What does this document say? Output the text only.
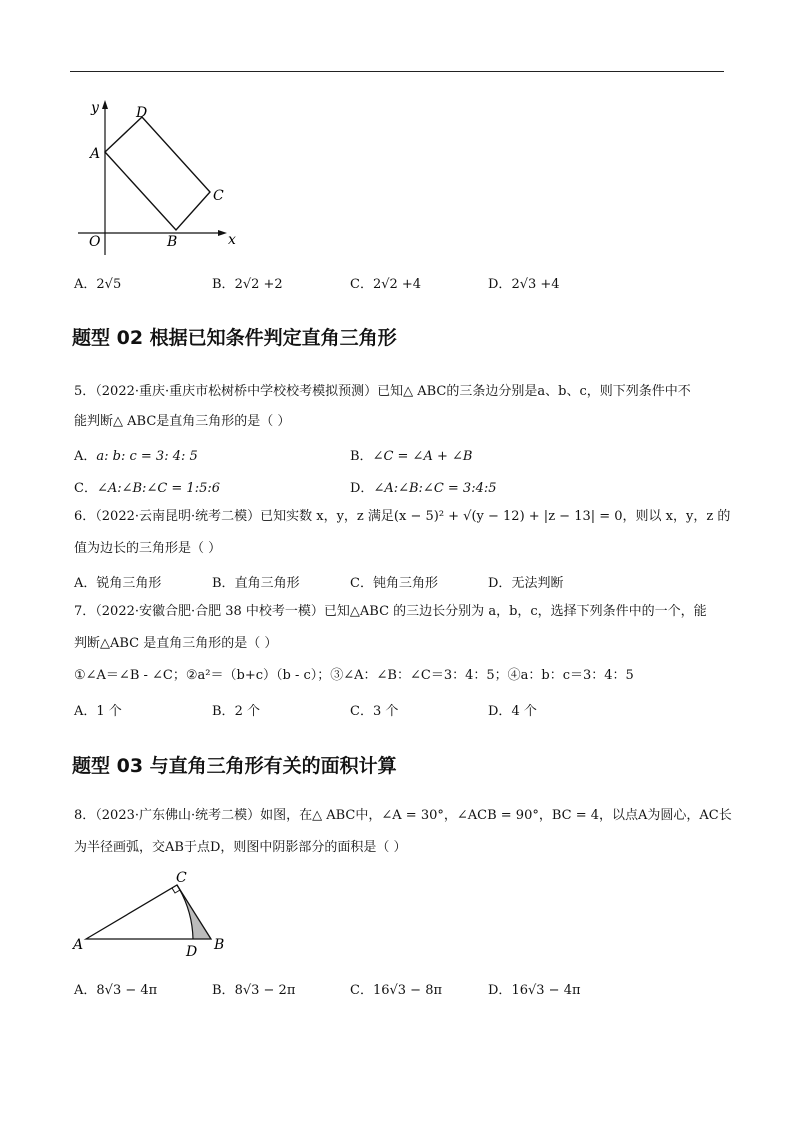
y
x
O
A
B
C
D
A．2√5	B．2√2 +2	C．2√2 +4	D．2√3 +4
题型 02 根据已知条件判定直角三角形
5．（2022·重庆·重庆市松树桥中学校校考模拟预测）已知△ ABC的三条边分别是a、b、c，则下列条件中不
能判断△ ABC是直角三角形的是（ ）
A．a: b: c = 3: 4: 5	B．∠C = ∠A + ∠B
C．∠A:∠B:∠C = 1:5:6	D．∠A:∠B:∠C = 3:4:5
6．（2022·云南昆明·统考二模）已知实数 x，y，z 满足(x − 5)² + √(y − 12) + |z − 13| = 0，则以 x，y，z 的
值为边长的三角形是（ ）
A．锐角三角形	B．直角三角形	C．钝角三角形	D．无法判断
7．（2022·安徽合肥·合肥 38 中校考一模）已知△ABC 的三边长分别为 a，b，c，选择下列条件中的一个，能
判断△ABC 是直角三角形的是（ ）
①∠A＝∠B - ∠C；②a²＝（b+c）（b - c）；③∠A：∠B：∠C＝3：4：5；④a：b：c＝3：4：5
A．1 个	B．2 个	C．3 个	D．4 个
题型 03 与直角三角形有关的面积计算
8．（2023·广东佛山·统考二模）如图，在△ ABC中，∠A = 30°，∠ACB = 90°，BC = 4，以点A为圆心，AC长
为半径画弧，交AB于点D，则图中阴影部分的面积是（ ）
A	B
C
D
A．8√3 − 4π	B．8√3 − 2π	C．16√3 − 8π	D．16√3 − 4π
